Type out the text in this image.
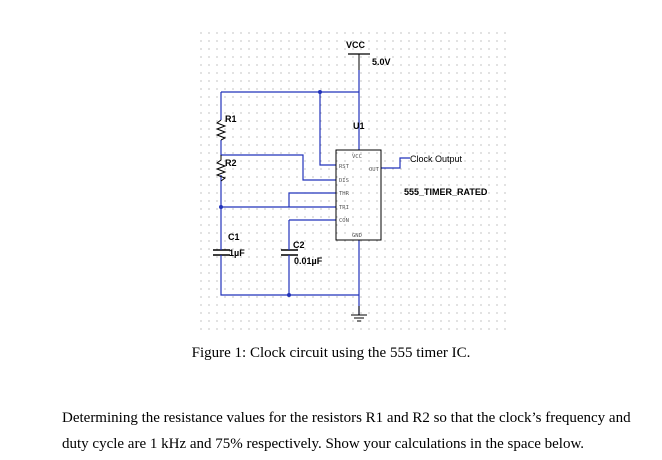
VCC
5.0V
R1
R2
C1
1µF
C2
0.01µF
U1
VCC
RST	OUT
DIS
THR
TRI
CON
GND
Clock Output
555_TIMER_RATED
Figure 1: Clock circuit using the 555 timer IC.
Determining the resistance values for the resistors R1 and R2 so that the clock’s frequency and duty cycle are 1 kHz and 75% respectively. Show your calculations in the space below.
